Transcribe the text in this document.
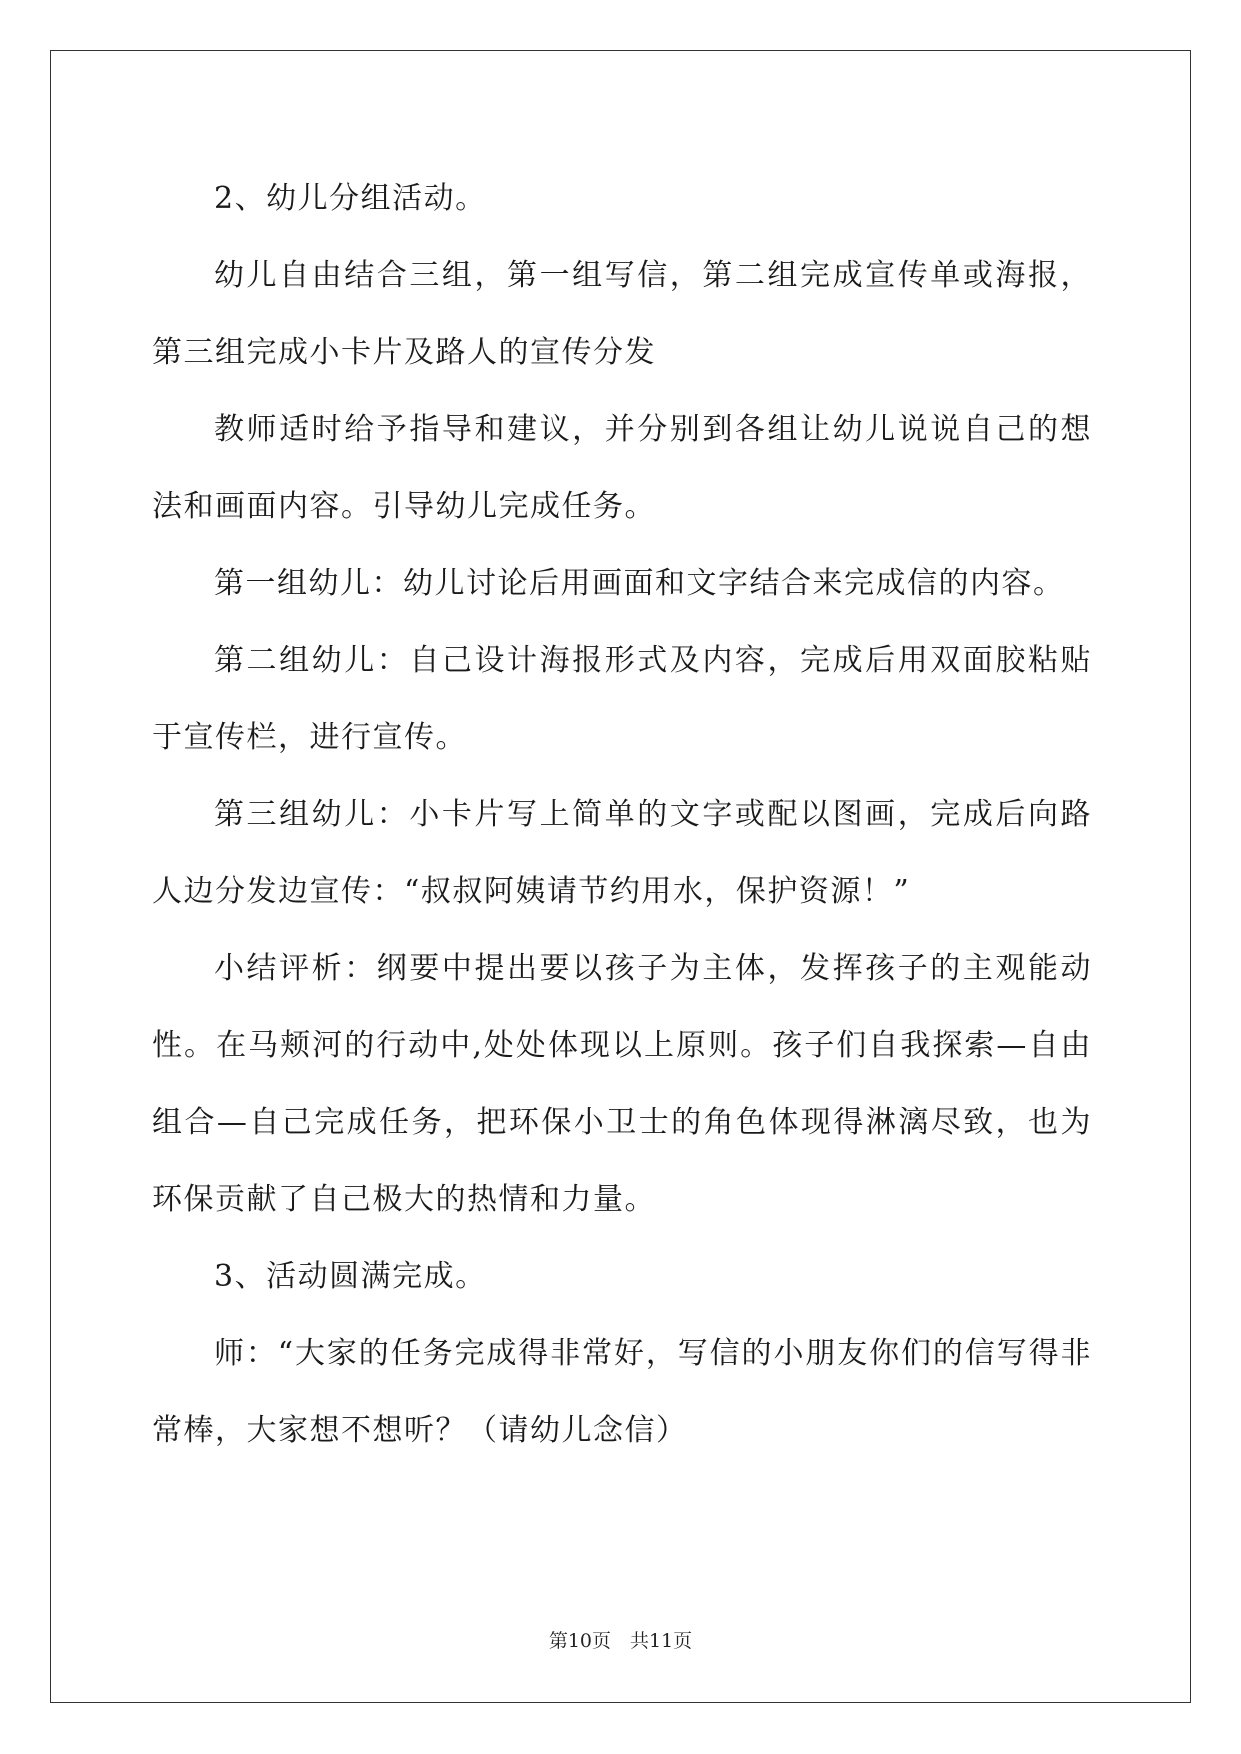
2、幼儿分组活动。

幼儿自由结合三组，第一组写信，第二组完成宣传单或海报，第三组完成小卡片及路人的宣传分发

教师适时给予指导和建议，并分别到各组让幼儿说说自己的想法和画面内容。引导幼儿完成任务。

第一组幼儿：幼儿讨论后用画面和文字结合来完成信的内容。

第二组幼儿：自己设计海报形式及内容，完成后用双面胶粘贴于宣传栏，进行宣传。

第三组幼儿：小卡片写上简单的文字或配以图画，完成后向路人边分发边宣传：“叔叔阿姨请节约用水，保护资源！”

小结评析：纲要中提出要以孩子为主体，发挥孩子的主观能动性。在马颊河的行动中,处处体现以上原则。孩子们自我探索—自由组合—自己完成任务，把环保小卫士的角色体现得淋漓尽致，也为环保贡献了自己极大的热情和力量。

3、活动圆满完成。

师：“大家的任务完成得非常好，写信的小朋友你们的信写得非常棒，大家想不想听？（请幼儿念信）

第10页　共11页
